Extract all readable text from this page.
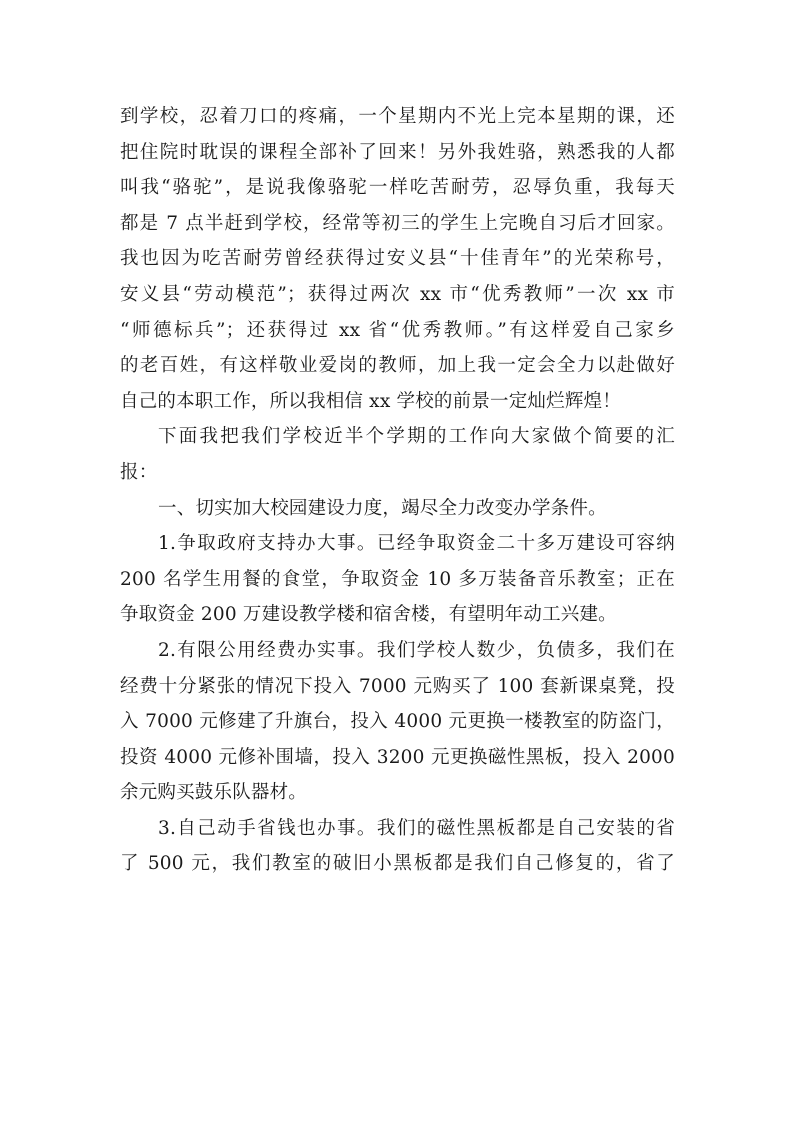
到学校，忍着刀口的疼痛，一个星期内不光上完本星期的课，还
把住院时耽误的课程全部补了回来！另外我姓骆，熟悉我的人都
叫我“骆驼”，是说我像骆驼一样吃苦耐劳，忍辱负重，我每天
都是 7 点半赶到学校，经常等初三的学生上完晚自习后才回家。
我也因为吃苦耐劳曾经获得过安义县“十佳青年”的光荣称号，
安义县“劳动模范”；获得过两次 xx 市“优秀教师”一次 xx 市
“师德标兵”；还获得过 xx 省“优秀教师。”有这样爱自己家乡
的老百姓，有这样敬业爱岗的教师，加上我一定会全力以赴做好
自己的本职工作，所以我相信 xx 学校的前景一定灿烂辉煌！
下面我把我们学校近半个学期的工作向大家做个简要的汇
报：
一、切实加大校园建设力度，竭尽全力改变办学条件。
1.争取政府支持办大事。已经争取资金二十多万建设可容纳
200 名学生用餐的食堂，争取资金 10 多万装备音乐教室；正在
争取资金 200 万建设教学楼和宿舍楼，有望明年动工兴建。
2.有限公用经费办实事。我们学校人数少，负债多，我们在
经费十分紧张的情况下投入 7000 元购买了 100 套新课桌凳，投
入 7000 元修建了升旗台，投入 4000 元更换一楼教室的防盗门，
投资 4000 元修补围墙，投入 3200 元更换磁性黑板，投入 2000
余元购买鼓乐队器材。
3.自己动手省钱也办事。我们的磁性黑板都是自己安装的省
了 500 元，我们教室的破旧小黑板都是我们自己修复的，省了
